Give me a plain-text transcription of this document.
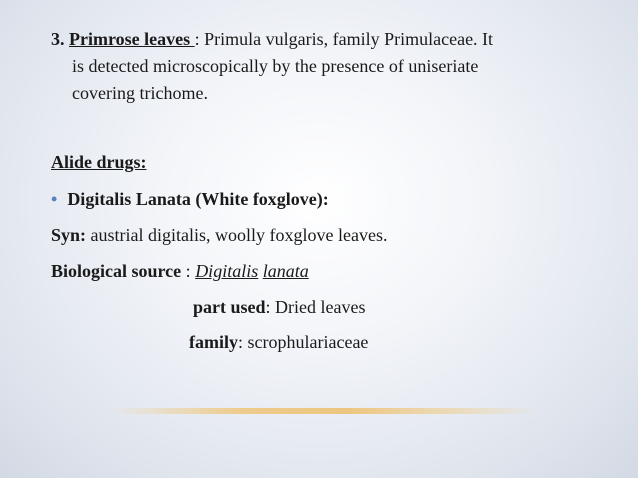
3. Primrose leaves : Primula vulgaris, family Primulaceae. It
is detected microscopically by the presence of uniseriate
covering trichome.
Alide drugs:
• Digitalis Lanata (White foxglove):
Syn: austrial digitalis, woolly foxglove leaves.
Biological source : Digitalis lanata
part used: Dried leaves
family: scrophulariaceae
